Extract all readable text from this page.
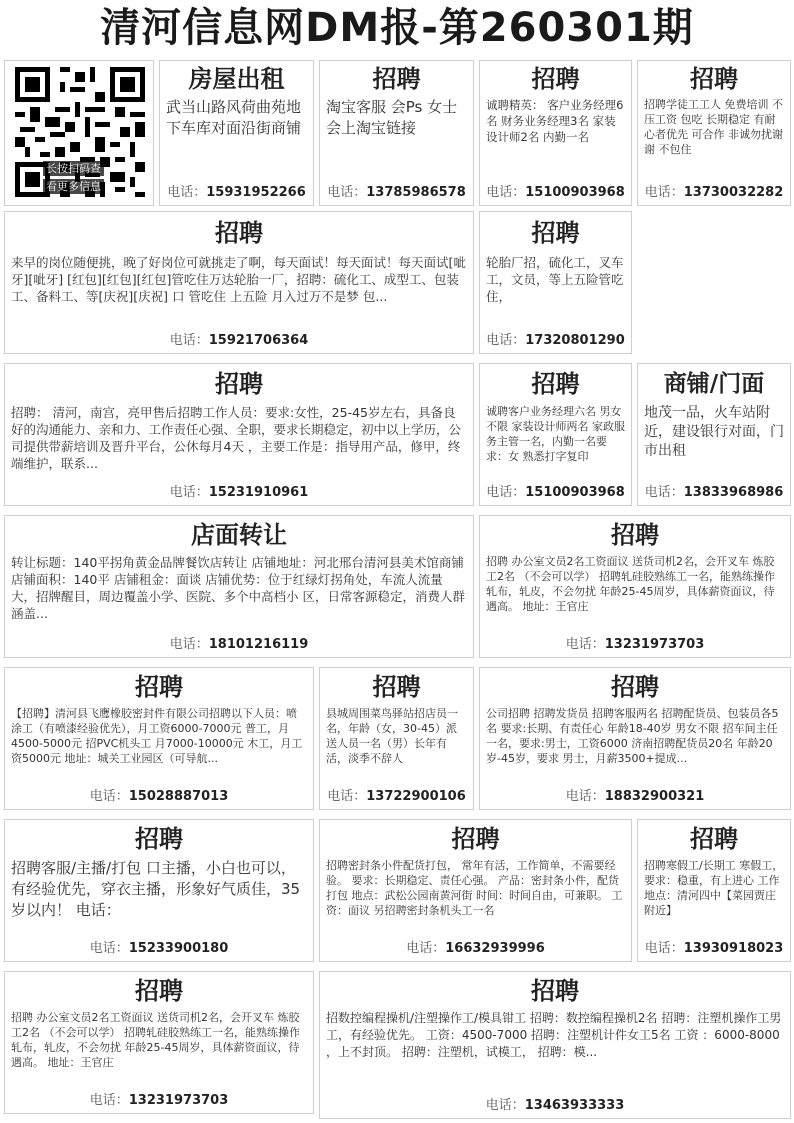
清河信息网DM报-第260301期
长按扫码查
看更多信息
房屋出租
武当山路风荷曲苑地下车库对面沿街商铺
电话：15931952266
招聘
淘宝客服 会Ps 女士 会上淘宝链接
电话：13785986578
招聘
诚聘精英： 客户业务经理6名 财务业务经理3名 家装设计师2名 内勤一名
电话：15100903968
招聘
招聘学徒工工人 免费培训 不压工资 包吃 长期稳定 有耐心者优先 可合作 非诚勿扰谢谢 不包住
电话：13730032282
招聘
来早的岗位随便挑，晚了好岗位可就挑走了啊，每天面试！每天面试！每天面试[呲牙][呲牙] [红包][红包][红包]管吃住万达轮胎一厂，招聘：硫化工、成型工、包装工、备料工、等[庆祝][庆祝] 口 管吃住 上五险 月入过万不是梦 包...
电话：15921706364
招聘
轮胎厂招，硫化工，叉车工，文员，等上五险管吃住，
电话：17320801290
招聘
招聘： 清河，南宫，亮甲售后招聘工作人员：要求:女性，25-45岁左右，具备良好的沟通能力、亲和力、工作责任心强、全职，要求长期稳定，初中以上学历，公司提供带薪培训及晋升平台，公休每月4天 ，主要工作是：指导用产品，修甲，终端维护，联系...
电话：15231910961
招聘
诚聘客户业务经理六名 男女不限 家装设计师两名 家政服务主管一名，内勤一名要求：女 熟悉打字复印
电话：15100903968
商铺/门面
地茂一品，火车站附近，建设银行对面，门市出租
电话：13833968986
店面转让
转让标题：140平拐角黄金品牌餐饮店转让 店铺地址：河北邢台清河县美术馆商铺 店铺面积：140平 店铺租金：面谈 店铺优势：位于红绿灯拐角处，车流人流量大，招牌醒目，周边覆盖小学、医院、多个中高档小 区，日常客源稳定，消费人群涵盖...
电话：18101216119
招聘
招聘 办公室文员2名工资面议 送货司机2名，会开叉车 炼胶工2名 （不会可以学） 招聘轧硅胶熟练工一名，能熟练操作轧布，轧皮，不会勿扰 年龄25-45周岁，具体薪资面议，待遇高。 地址：王官庄
电话：13231973703
招聘
【招聘】清河县飞鹰橡胶密封件有限公司招聘以下人员：喷涂工（有喷漆经验优先），月工资6000-7000元 普工，月4500-5000元 招PVC机头工 月7000-10000元 木工，月工资5000元 地址：城关工业园区（可导航...
电话：15028887013
招聘
县城周围菜鸟驿站招店员一名，年龄（女，30-45）派送人员一名（男）长年有活，淡季不辞人
电话：13722900106
招聘
公司招聘 招聘发货员 招聘客服两名 招聘配货员、包装员各5名 要求:长期、有责任心 年龄18-40岁 男女不限 招车间主任一名，要求:男士，工资6000 济南招聘配货员20名 年龄20岁-45岁，要求 男士，月薪3500+提成...
电话：18832900321
招聘
招聘客服/主播/打包 口主播，小白也可以，有经验优先，穿衣主播，形象好气质佳，35岁以内！ 电话：
电话：15233900180
招聘
招聘密封条小件配货打包， 常年有活，工作简单，不需要经验。 要求：长期稳定、责任心强。 产品：密封条小件，配货打包 地点：武松公园南黄河街 时间：时间自由，可兼职。 工资：面议 另招聘密封条机头工一名
电话：16632939996
招聘
招聘寒假工/长期工 寒假工，要求：稳重，有上进心 工作地点：清河四中【菜园贾庄附近】
电话：13930918023
招聘
招聘 办公室文员2名工资面议 送货司机2名，会开叉车 炼胶工2名 （不会可以学） 招聘轧硅胶熟练工一名，能熟练操作轧布，轧皮，不会勿扰 年龄25-45周岁，具体薪资面议，待遇高。 地址：王官庄
电话：13231973703
招聘
招数控编程操机/注塑操作工/模具钳工 招聘：数控编程操机2名 招聘：注塑机操作工男工，有经验优先。 工资：4500-7000 招聘：注塑机计件女工5名 工资 ：6000-8000 ，上不封顶。 招聘：注塑机，试模工， 招聘：模...
电话：13463933333
